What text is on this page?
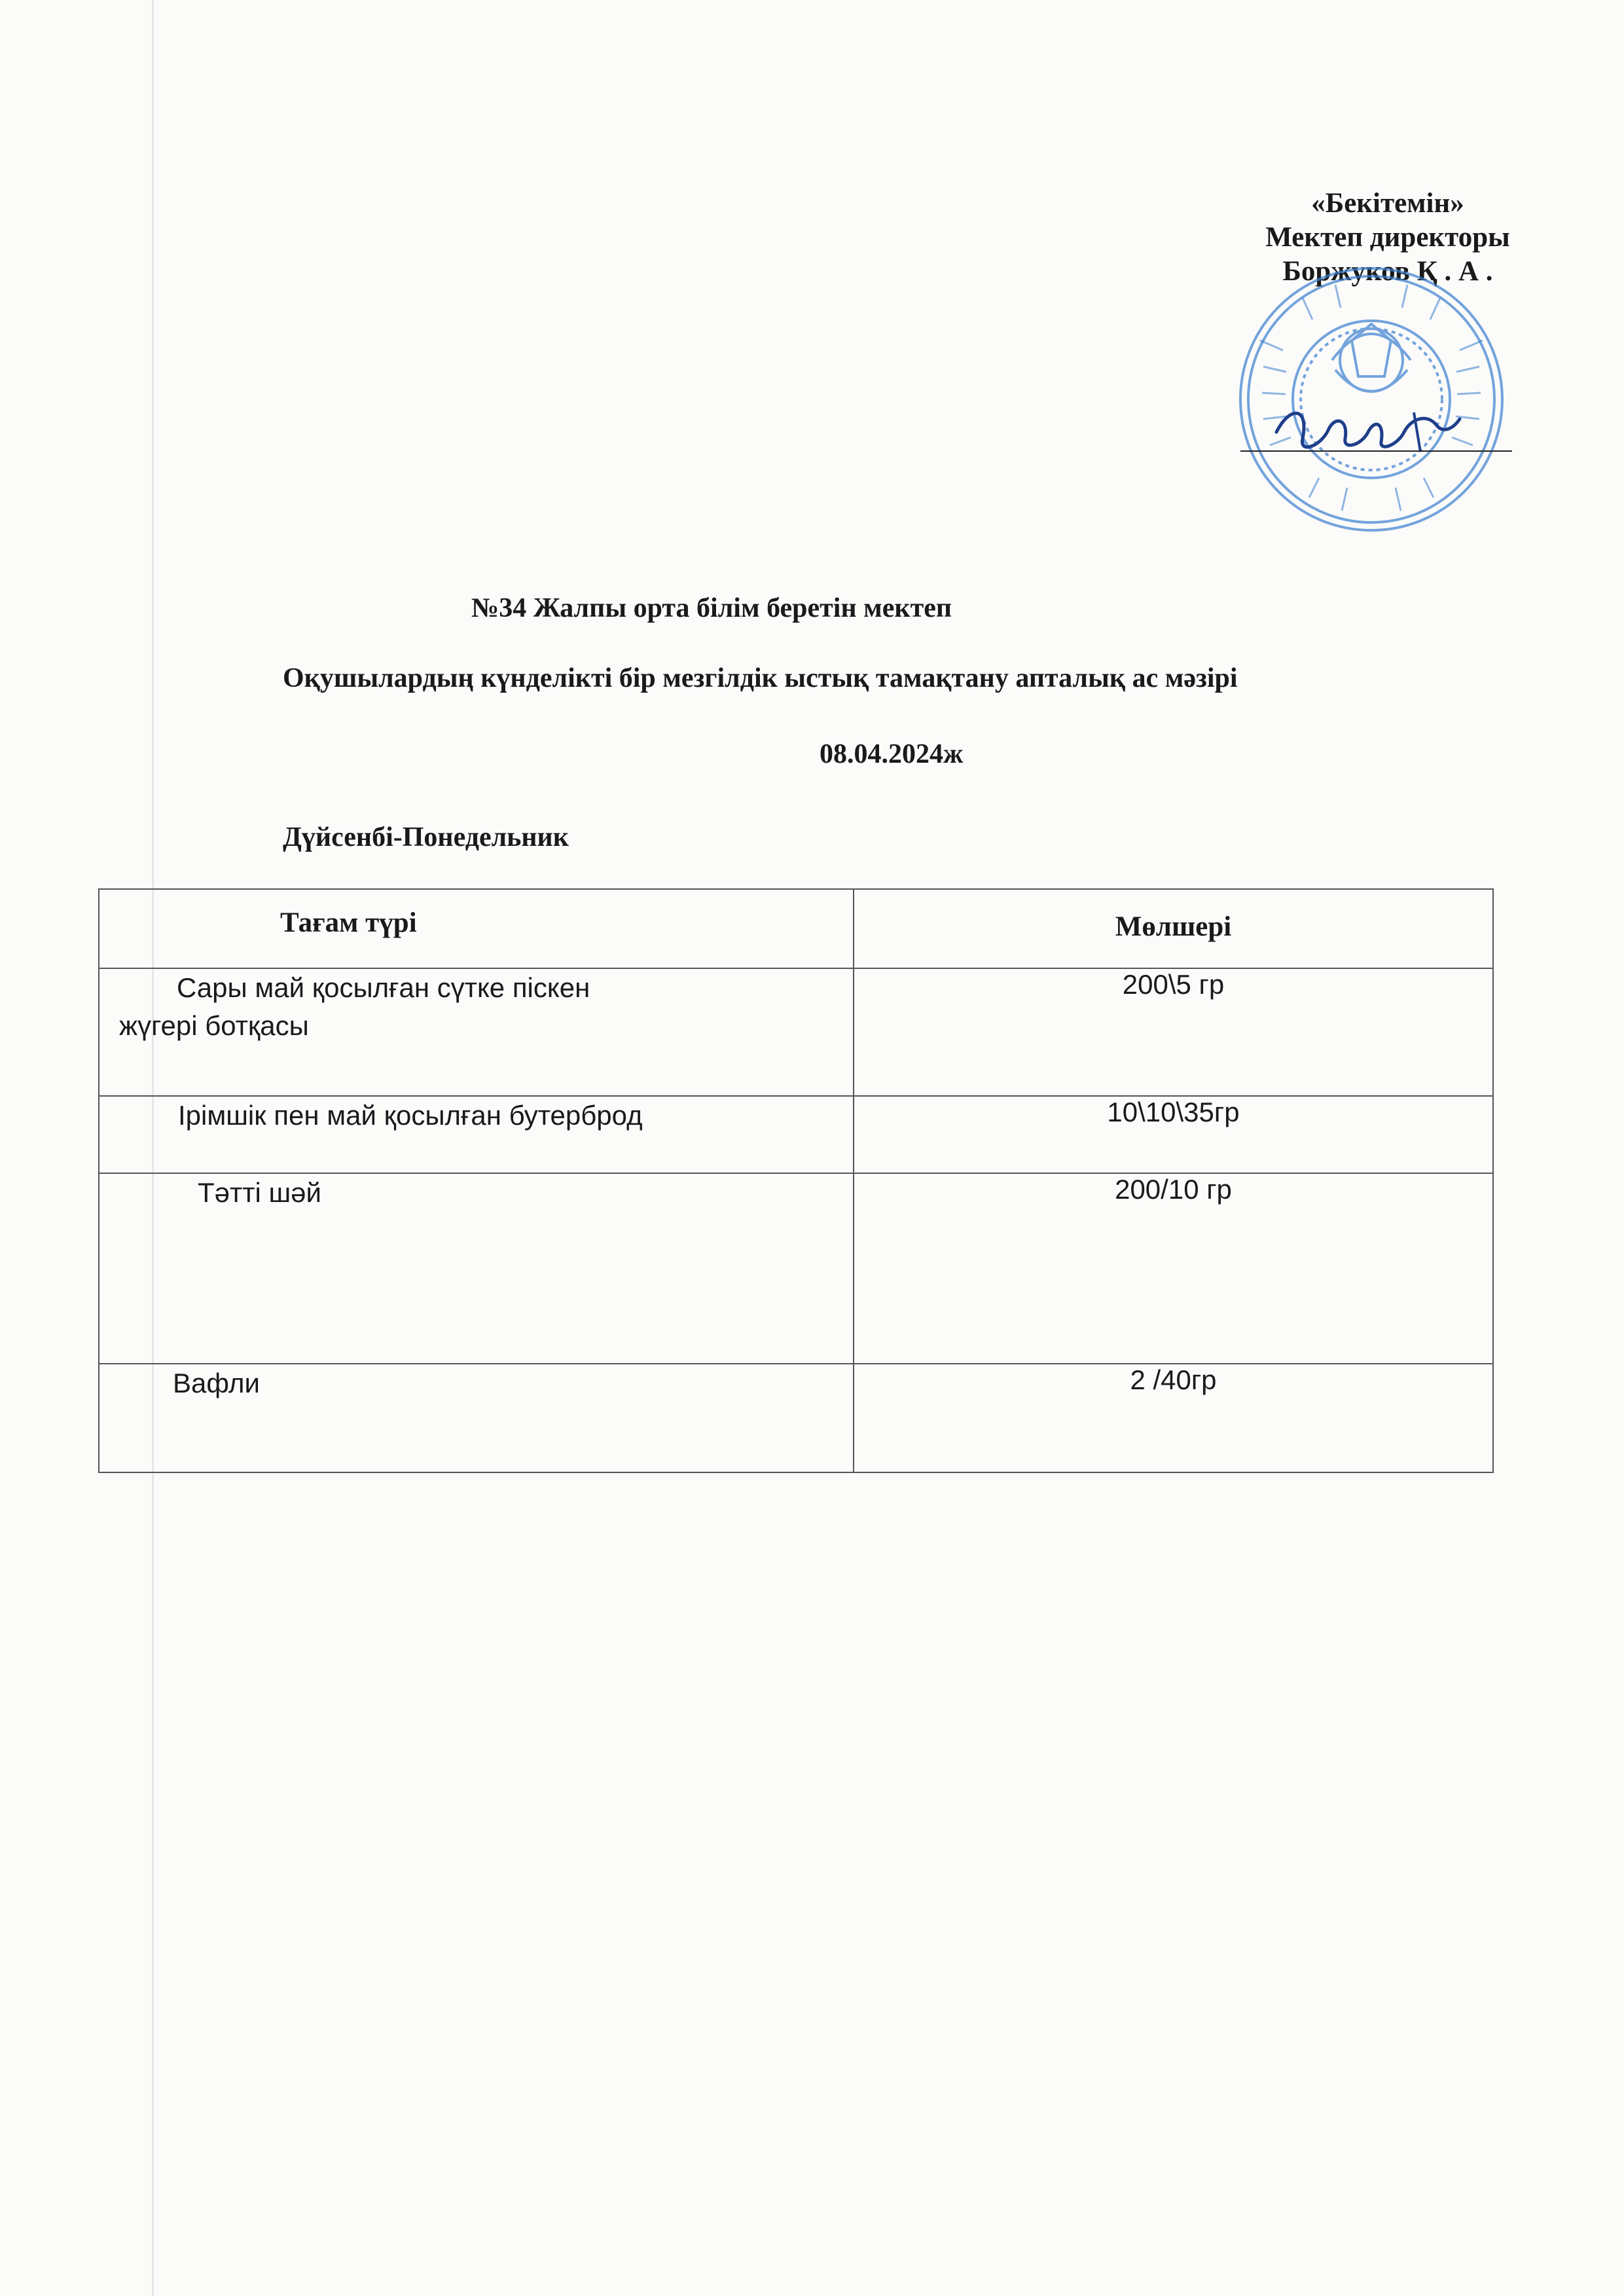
«Бекітемін»
Мектеп директоры
Боржуков Қ . А .
№34 Жалпы орта білім беретін мектеп
Оқушылардың күнделікті бір мезгілдік ыстық тамақтану апталық ас мәзірі
08.04.2024ж
Дүйсенбі-Понедельник
Тағам түрі	Мөлшері

Сары май қосылған сүтке піскен
жүгері ботқасы	200\5 гр

Ірімшік пен май қосылған бутерброд	10\10\35гр

Тәтті шәй	200/10 гр

Вафли	2 /40гр
